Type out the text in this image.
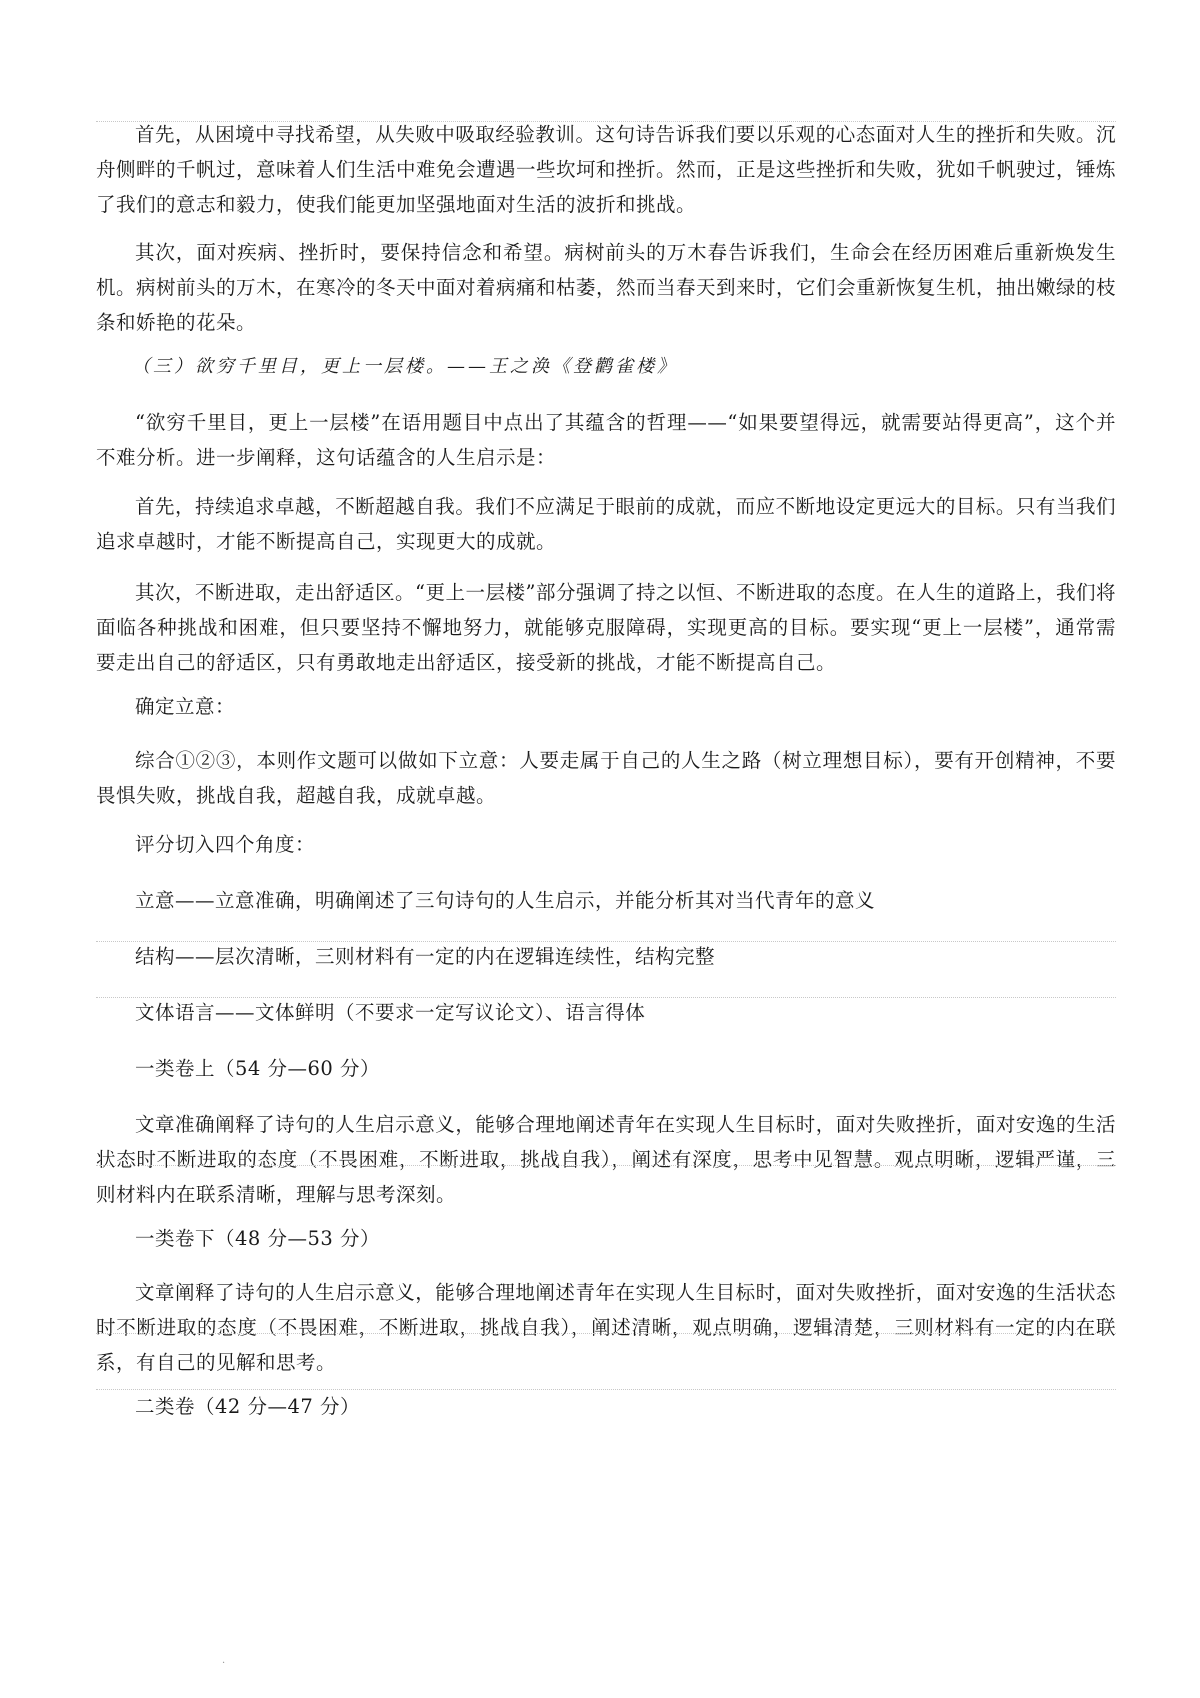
首先，从困境中寻找希望，从失败中吸取经验教训。这句诗告诉我们要以乐观的心态面对人生的挫折和失败。沉舟侧畔的千帆过，意味着人们生活中难免会遭遇一些坎坷和挫折。然而，正是这些挫折和失败，犹如千帆驶过，锤炼了我们的意志和毅力，使我们能更加坚强地面对生活的波折和挑战。

其次，面对疾病、挫折时，要保持信念和希望。病树前头的万木春告诉我们，生命会在经历困难后重新焕发生机。病树前头的万木，在寒冷的冬天中面对着病痛和枯萎，然而当春天到来时，它们会重新恢复生机，抽出嫩绿的枝条和娇艳的花朵。

（三）欲穷千里目，更上一层楼。——王之涣《登鹳雀楼》

“欲穷千里目，更上一层楼”在语用题目中点出了其蕴含的哲理——“如果要望得远，就需要站得更高”，这个并不难分析。进一步阐释，这句话蕴含的人生启示是：

首先，持续追求卓越，不断超越自我。我们不应满足于眼前的成就，而应不断地设定更远大的目标。只有当我们追求卓越时，才能不断提高自己，实现更大的成就。

其次，不断进取，走出舒适区。“更上一层楼”部分强调了持之以恒、不断进取的态度。在人生的道路上，我们将面临各种挑战和困难，但只要坚持不懈地努力，就能够克服障碍，实现更高的目标。要实现“更上一层楼”，通常需要走出自己的舒适区，只有勇敢地走出舒适区，接受新的挑战，才能不断提高自己。

确定立意：

综合①②③，本则作文题可以做如下立意：人要走属于自己的人生之路（树立理想目标），要有开创精神，不要畏惧失败，挑战自我，超越自我，成就卓越。

评分切入四个角度：

立意——立意准确，明确阐述了三句诗句的人生启示，并能分析其对当代青年的意义

结构——层次清晰，三则材料有一定的内在逻辑连续性，结构完整

文体语言——文体鲜明（不要求一定写议论文）、语言得体

一类卷上（54 分—60 分）

文章准确阐释了诗句的人生启示意义，能够合理地阐述青年在实现人生目标时，面对失败挫折，面对安逸的生活状态时不断进取的态度（不畏困难，不断进取，挑战自我），阐述有深度，思考中见智慧。观点明晰，逻辑严谨，三则材料内在联系清晰，理解与思考深刻。

一类卷下（48 分—53 分）

文章阐释了诗句的人生启示意义，能够合理地阐述青年在实现人生目标时，面对失败挫折，面对安逸的生活状态时不断进取的态度（不畏困难，不断进取，挑战自我），阐述清晰，观点明确，逻辑清楚，三则材料有一定的内在联系，有自己的见解和思考。

二类卷（42 分—47 分）

·
